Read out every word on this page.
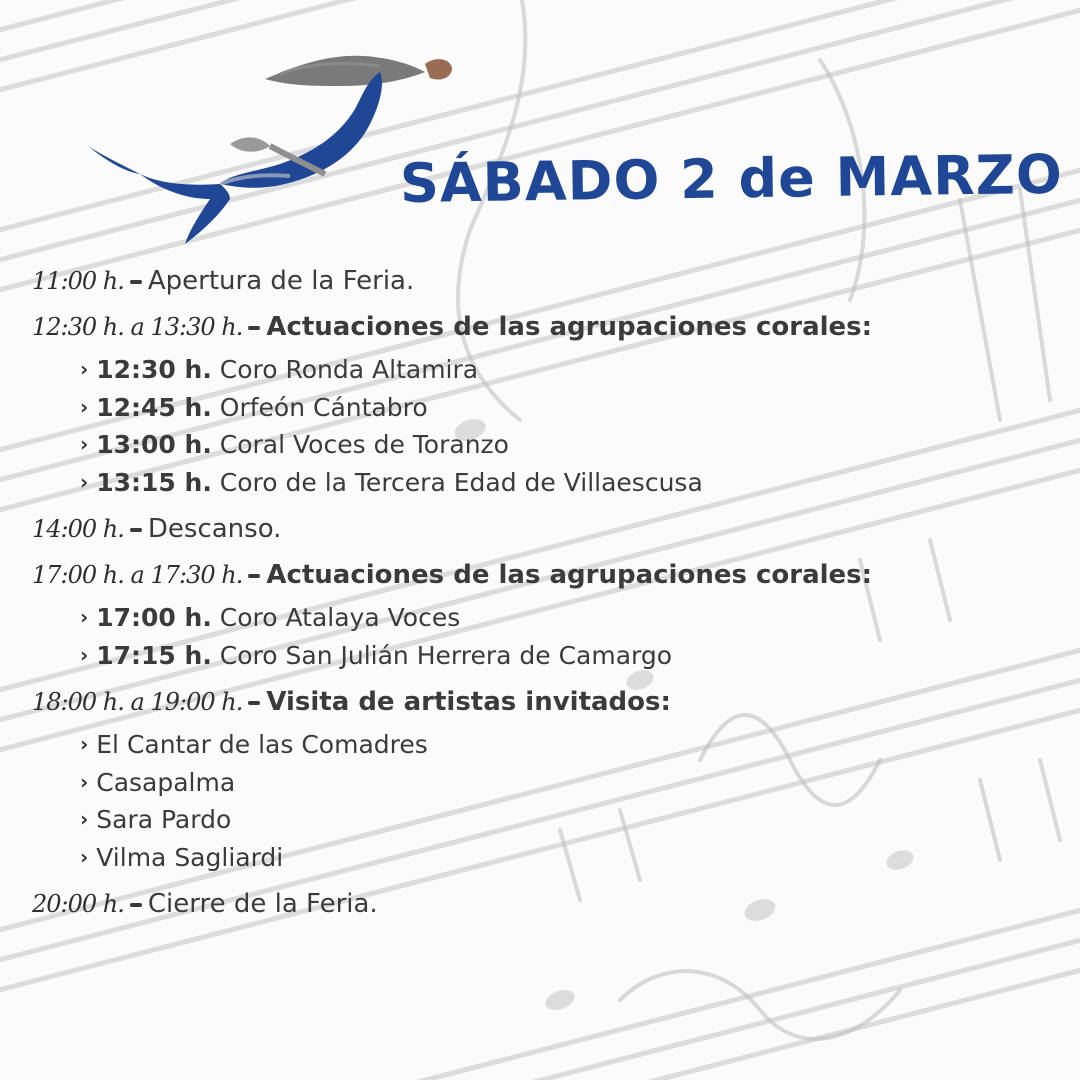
SÁBADO 2 de MARZO
11:00 h. Apertura de la Feria.
12:30 h. a 13:30 h. Actuaciones de las agrupaciones corales:
› 12:30 h. Coro Ronda Altamira
› 12:45 h. Orfeón Cántabro
› 13:00 h. Coral Voces de Toranzo
› 13:15 h. Coro de la Tercera Edad de Villaescusa
14:00 h. Descanso.
17:00 h. a 17:30 h. Actuaciones de las agrupaciones corales:
› 17:00 h. Coro Atalaya Voces
› 17:15 h. Coro San Julián Herrera de Camargo
18:00 h. a 19:00 h. Visita de artistas invitados:
› El Cantar de las Comadres
› Casapalma
› Sara Pardo
› Vilma Sagliardi
20:00 h. Cierre de la Feria.
